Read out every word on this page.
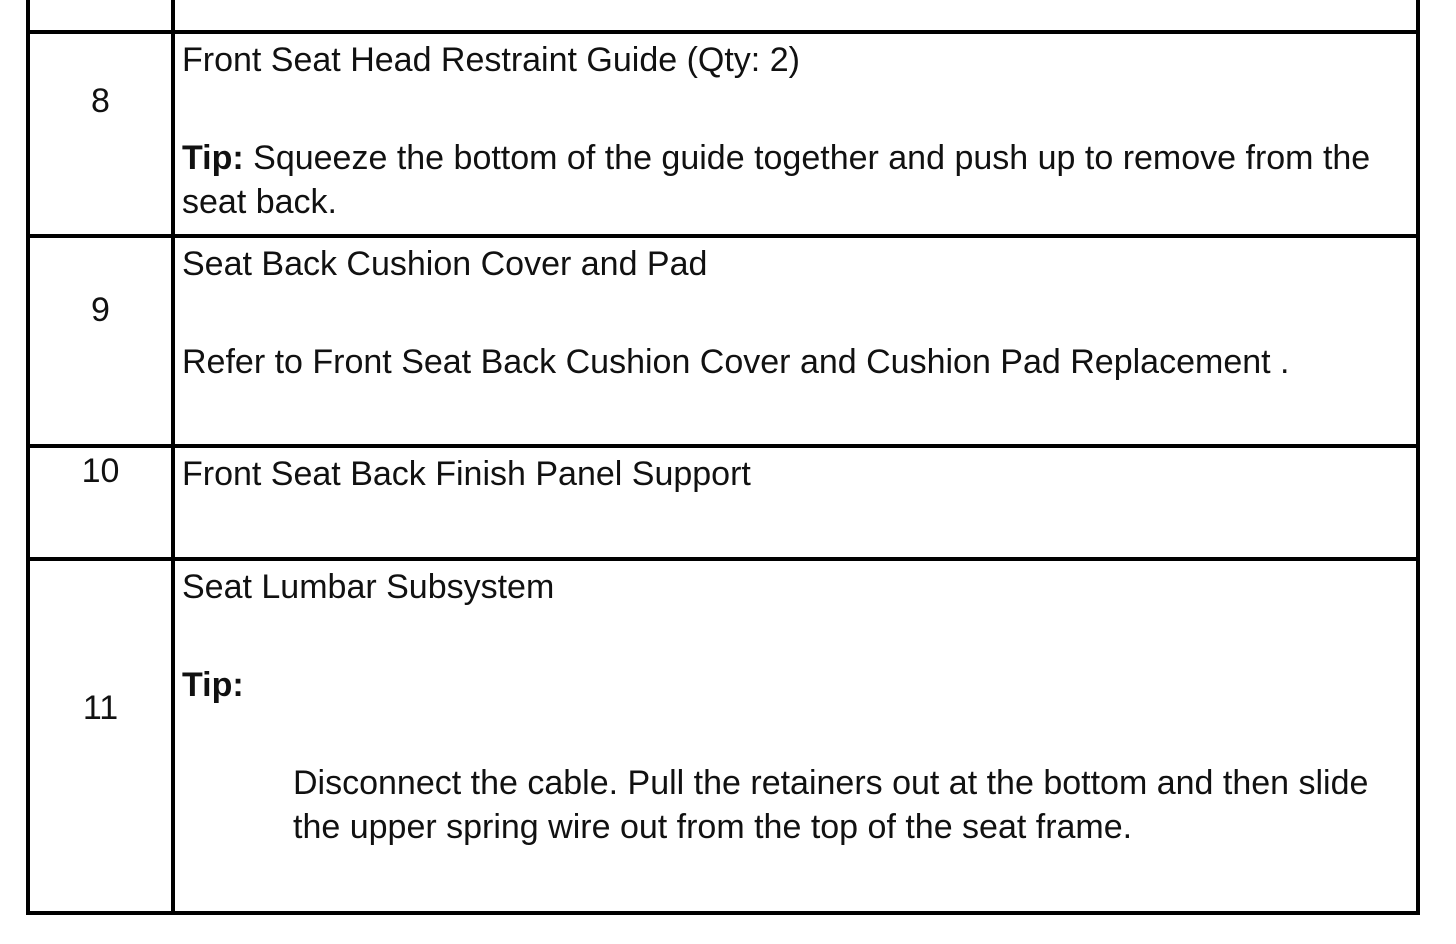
8	Front Seat Head Restraint Guide (Qty: 2)

Tip: Squeeze the bottom of the guide together and push up to remove from the seat back.

9	Seat Back Cushion Cover and Pad

Refer to Front Seat Back Cushion Cover and Cushion Pad Replacement .

10	Front Seat Back Finish Panel Support

11	Seat Lumbar Subsystem

Tip:

Disconnect the cable. Pull the retainers out at the bottom and then slide the upper spring wire out from the top of the seat frame.
